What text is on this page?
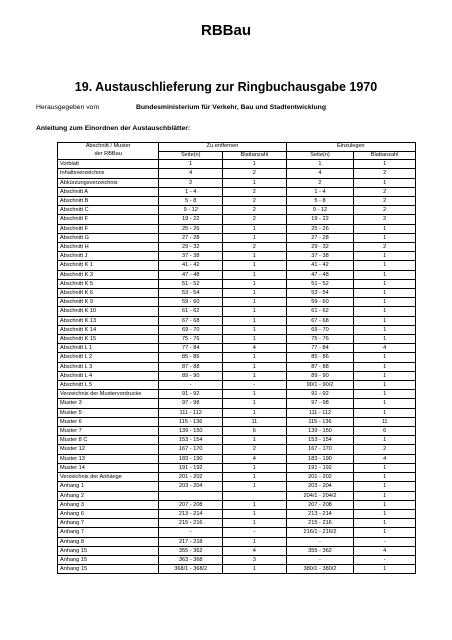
RBBau
19. Austauschlieferung zur Ringbuchausgabe 1970
Herausgegeben vom	Bundesministerium für Verkehr, Bau und Stadtentwicklung
Anleitung zum Einordnen der Austauschblätter:
Abschnitt / Muster	Zu entfernen		Einzulegen	
der RBBau	Seite(n)	Blattanzahl	Seite(n)	Blattanzahl
Vorblatt	1	1	1	1
Inhaltsverzeichnis	4	2	4	2
Abkürzungsverzeichnis	2	1	2	1
Abschnitt A	1 - 4	2	1 - 4	2
Abschnitt B	5 - 8	2	5 - 8	2
Abschnitt C	9 - 12	2	9 - 12	2
Abschnitt F	19 - 22	2	19 - 22	2
Abschnitt F	25 - 26	1	25 - 26	1
Abschnitt G	27 - 28	1	27 - 28	1
Abschnitt H	29 - 32	2	29 - 32	2
Abschnitt J	37 - 38	1	37 - 38	1
Abschnitt K 1	41 - 42	1	41 - 42	1
Abschnitt K 3	47 - 48	1	47 - 48	1
Abschnitt K 5	51 - 52	1	51 - 52	1
Abschnitt K 6	53 - 54	1	53 - 54	1
Abschnitt K 9	59 - 60	1	59 - 60	1
Abschnitt K 10	61 - 62	1	61 - 62	1
Abschnitt K 13	67 - 68	1	67 - 68	1
Abschnitt K 14	69 - 70	1	69 - 70	1
Abschnitt K 15	75 - 76	1	75 - 76	1
Abschnitt L 1	77 - 84	4	77 - 84	4
Abschnitt L 2	85 - 86	1	85 - 86	1
Abschnitt L 3	87 - 88	1	87 - 88	1
Abschnitt L 4	89 - 90	1	89 - 90	1
Abschnitt L 5	-	-	90/1 - 90/2	1
Verzeichnis der Mustervordrucke	91 - 92	1	91 - 92	1
Muster 3	97 - 98	1	97 - 98	1
Muster 5	111 - 112	1	111 - 112	1
Muster 6	115 - 136	11	115 - 136	11
Muster 7	139 - 150	6	139 - 150	6
Muster 8 C	153 - 154	1	153 - 154	1
Muster 12	167 - 170	2	167 - 170	2
Muster 13	183 - 190	4	183 - 190	4
Muster 14	191 - 192	1	191 - 192	1
Verzeichnis der Anhänge	201 - 202	1	201 - 202	1
Anhang 1	203 - 204	1	203 - 204	1
Anhang 2			204/1 - 204/2	1
Anhang 3	207 - 208	1	207 - 208	1
Anhang 6	213 - 214	1	213 - 214	1
Anhang 7	215 - 216	1	215 - 216	1
Anhang 7	-	-	216/1 - 216/2	1
Anhang 8	217 - 218	1	-	-
Anhang 15	355 - 362	4	355 - 362	4
Anhang 15	363 - 368	3	-	-
Anhang 15	368/1 - 368/2	1	380/1 - 380/2	1
